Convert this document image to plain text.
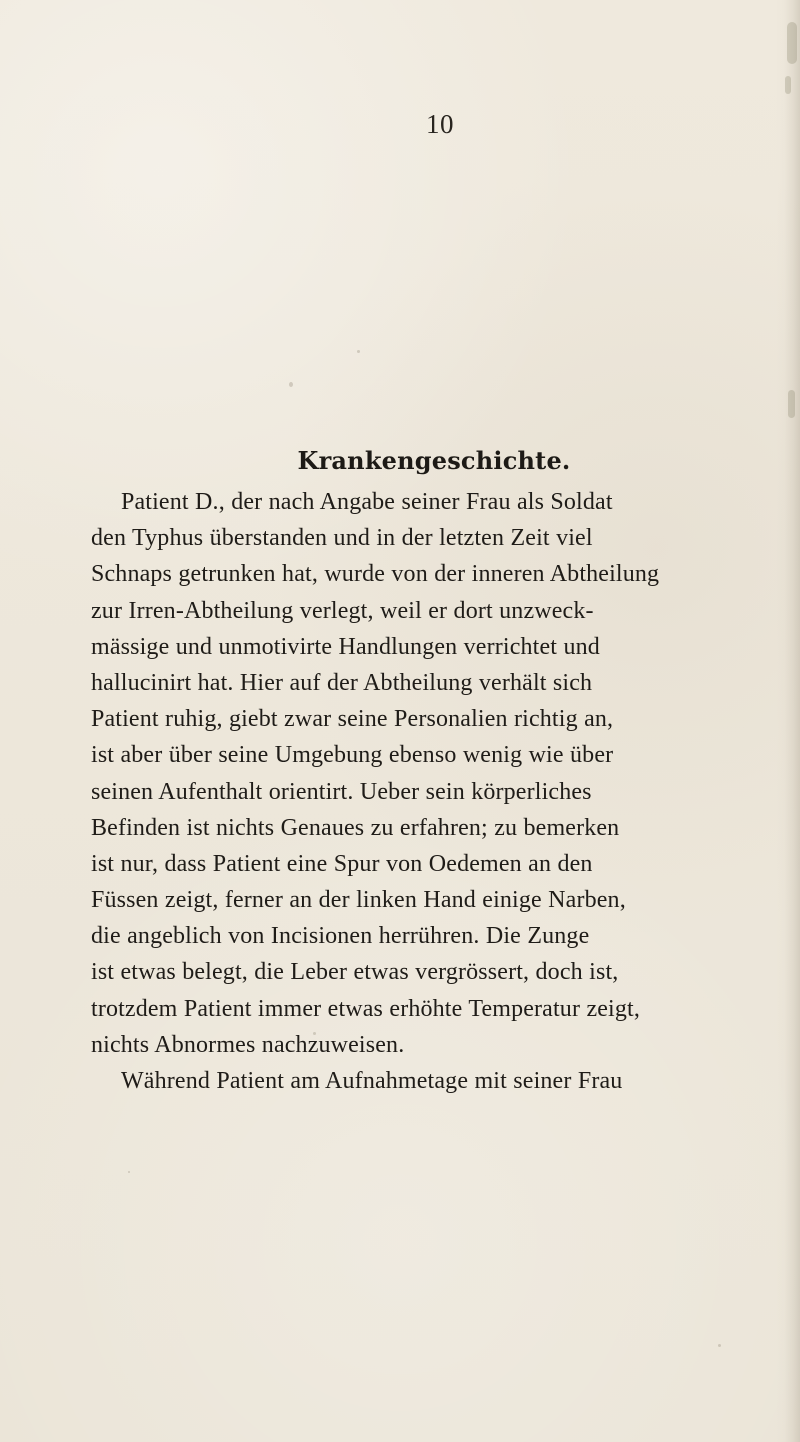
10
Krankengeschichte.
Patient D., der nach Angabe seiner Frau als Soldat
den Typhus überstanden und in der letzten Zeit viel
Schnaps getrunken hat, wurde von der inneren Abtheilung
zur Irren-Abtheilung verlegt, weil er dort unzweck-
mässige und unmotivirte Handlungen verrichtet und
hallucinirt hat. Hier auf der Abtheilung verhält sich
Patient ruhig, giebt zwar seine Personalien richtig an,
ist aber über seine Umgebung ebenso wenig wie über
seinen Aufenthalt orientirt. Ueber sein körperliches
Befinden ist nichts Genaues zu erfahren; zu bemerken
ist nur, dass Patient eine Spur von Oedemen an den
Füssen zeigt, ferner an der linken Hand einige Narben,
die angeblich von Incisionen herrühren. Die Zunge
ist etwas belegt, die Leber etwas vergrössert, doch ist,
trotzdem Patient immer etwas erhöhte Temperatur zeigt,
nichts Abnormes nachzuweisen.
Während Patient am Aufnahmetage mit seiner Frau
